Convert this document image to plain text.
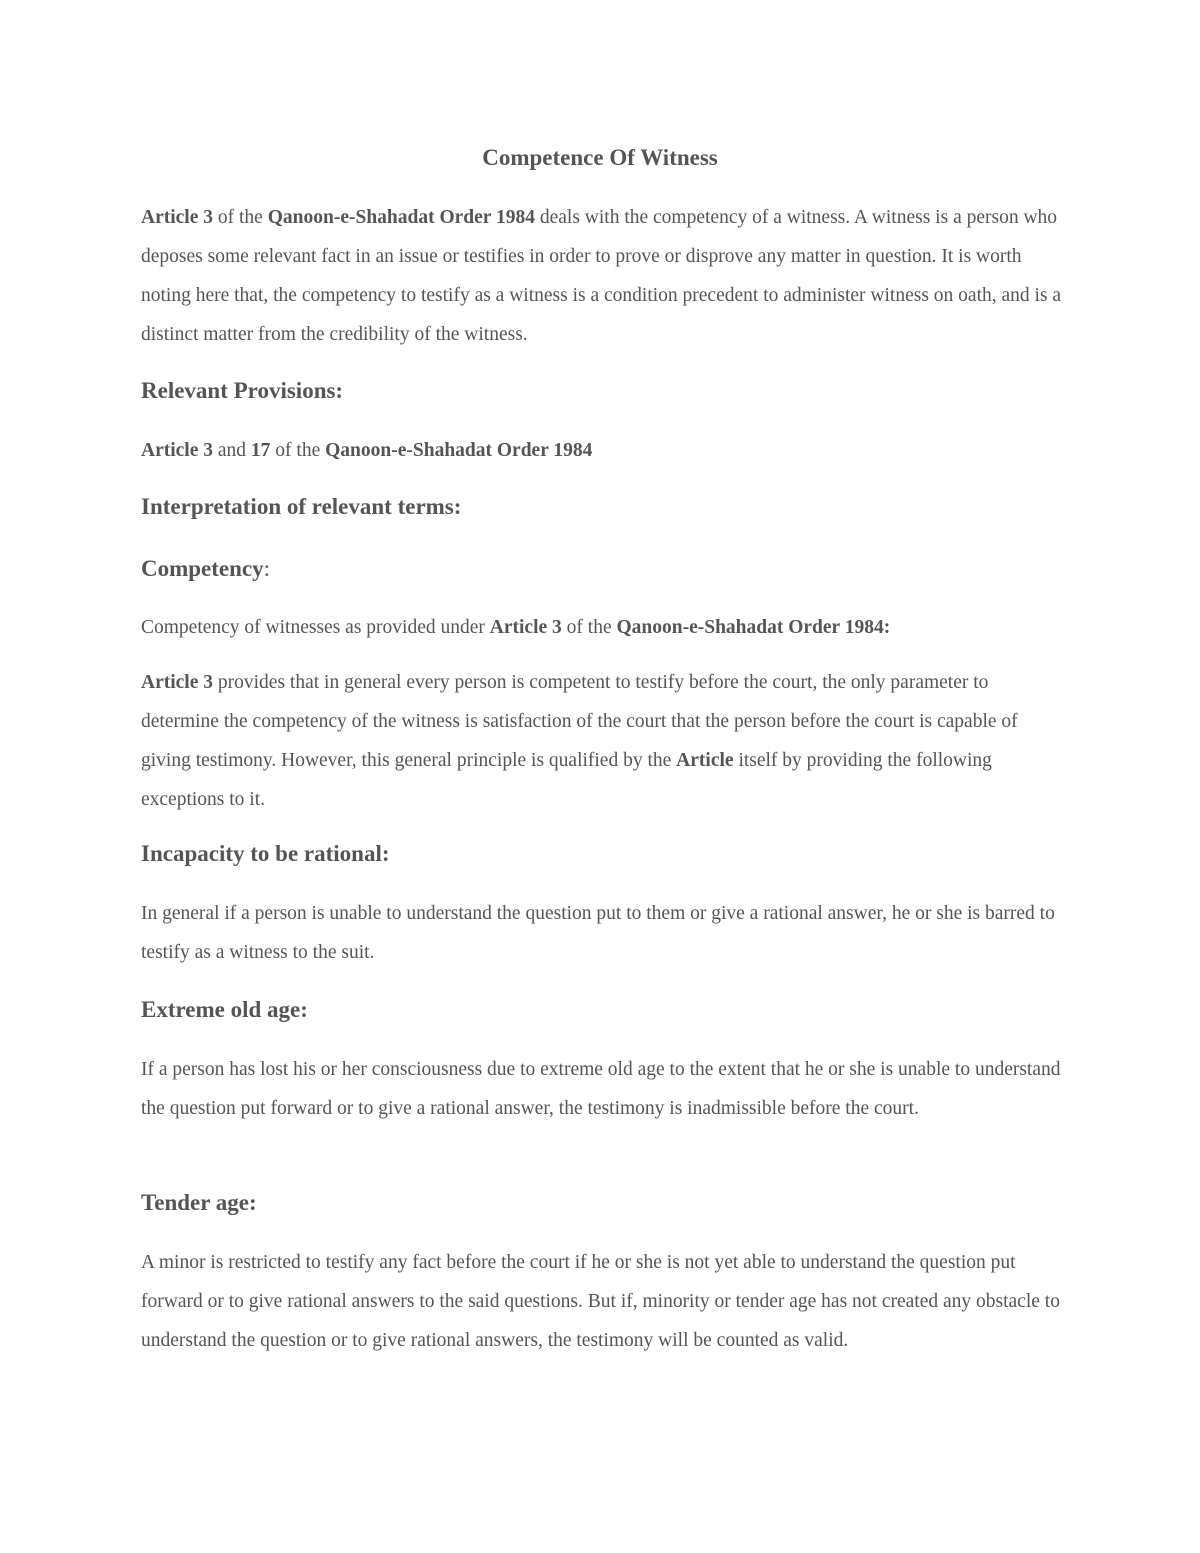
Competence Of Witness

Article 3 of the Qanoon-e-Shahadat Order 1984 deals with the competency of a witness. A witness is a person who deposes some relevant fact in an issue or testifies in order to prove or disprove any matter in question. It is worth noting here that, the competency to testify as a witness is a condition precedent to administer witness on oath, and is a distinct matter from the credibility of the witness.

Relevant Provisions:

Article 3 and 17 of the Qanoon-e-Shahadat Order 1984

Interpretation of relevant terms:
Competency:

Competency of witnesses as provided under Article 3 of the Qanoon-e-Shahadat Order 1984:

Article 3 provides that in general every person is competent to testify before the court, the only parameter to determine the competency of the witness is satisfaction of the court that the person before the court is capable of giving testimony. However, this general principle is qualified by the Article itself by providing the following exceptions to it.

Incapacity to be rational:

In general if a person is unable to understand the question put to them or give a rational answer, he or she is barred to testify as a witness to the suit.

Extreme old age:

If a person has lost his or her consciousness due to extreme old age to the extent that he or she is unable to understand the question put forward or to give a rational answer, the testimony is inadmissible before the court.

Tender age:

A minor is restricted to testify any fact before the court if he or she is not yet able to understand the question put forward or to give rational answers to the said questions. But if, minority or tender age has not created any obstacle to understand the question or to give rational answers, the testimony will be counted as valid.
